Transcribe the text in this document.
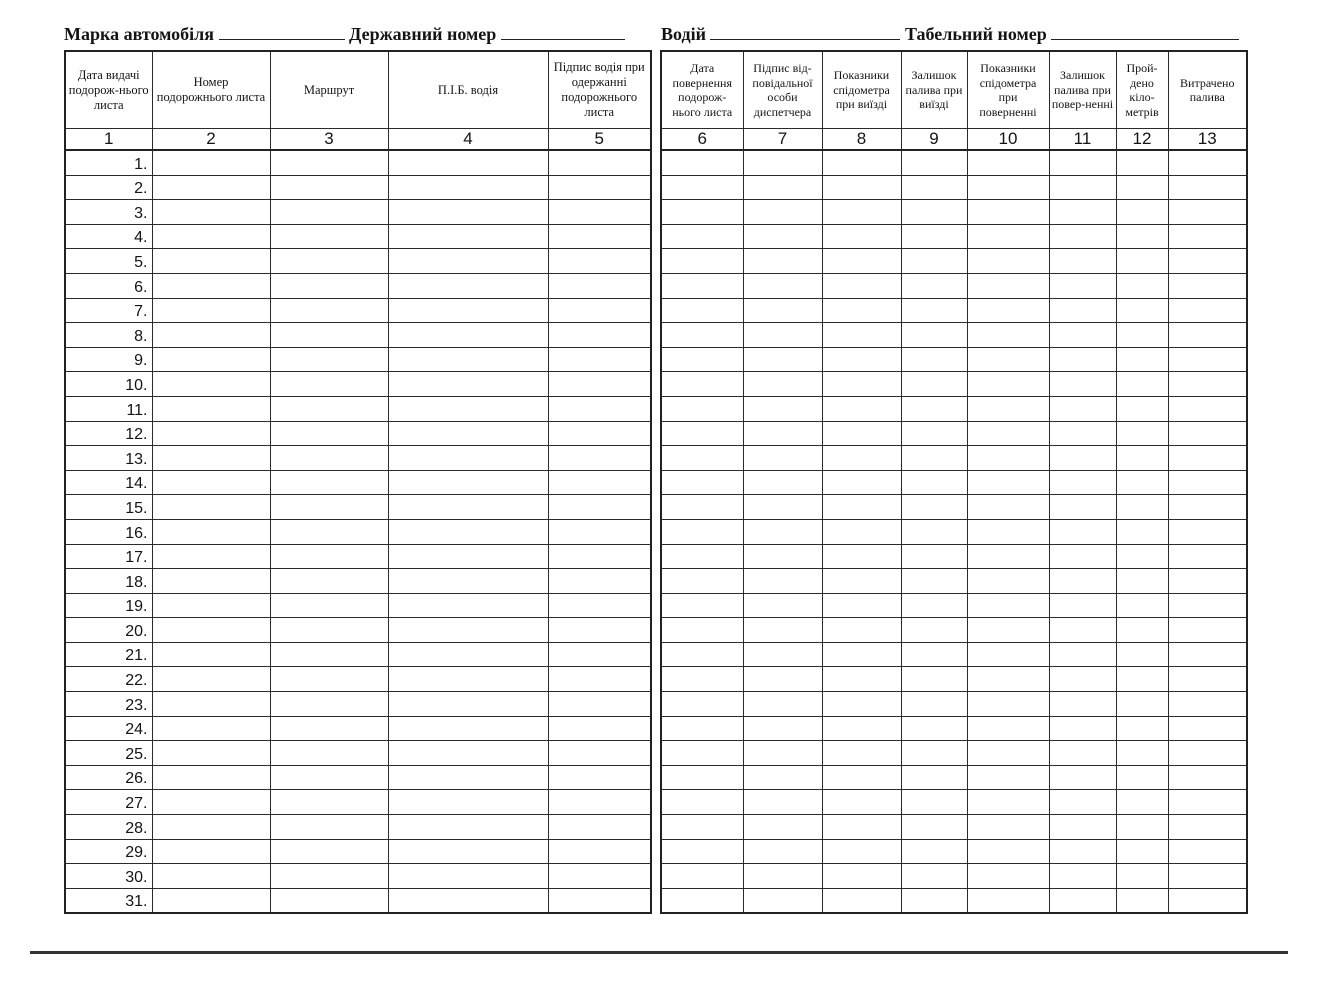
Марка автомобіля	Державний номер	Водій	Табельний номер
Дата видачі подорож-нього листа	Номер подорожнього листа	Маршрут	П.І.Б. водія	Підпис водія при одержанні подорожнього листа
1	2	3	4	5
1.				
2.				
3.				
4.				
5.				
6.				
7.				
8.				
9.				
10.				
11.				
12.				
13.				
14.				
15.				
16.				
17.				
18.				
19.				
20.				
21.				
22.				
23.				
24.				
25.				
26.				
27.				
28.				
29.				
30.				
31.				
Дата повернення подорож-нього листа	Підпис від-повідальної особи диспетчера	Показники спідометра при виїзді	Залишок палива при виїзді	Показники спідометра при поверненні	Залишок палива при повер-ненні	Прой-дено кіло-метрів	Витрачено палива
6	7	8	9	10	11	12	13
